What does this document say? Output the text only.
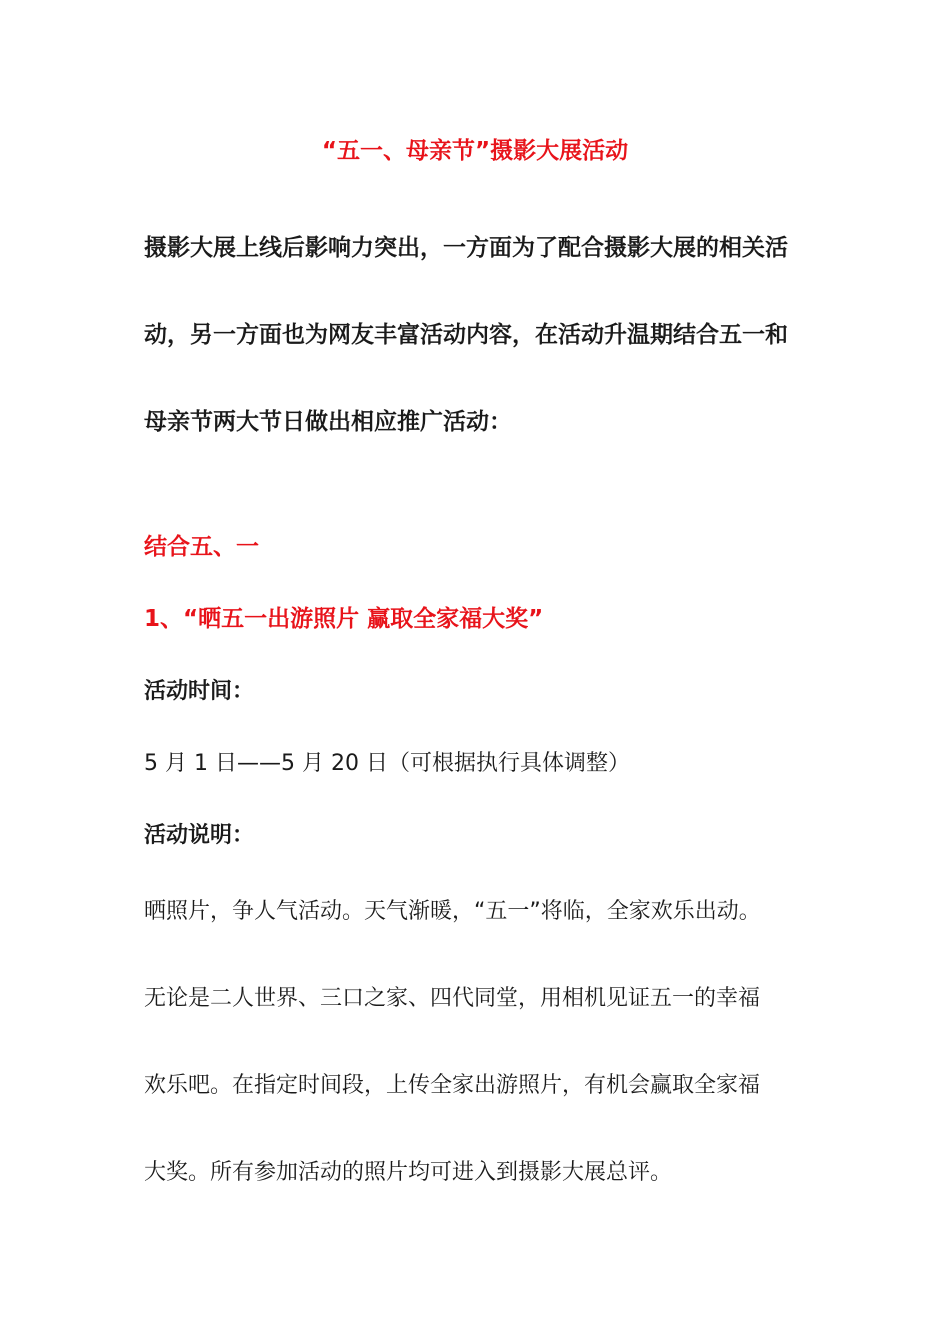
“五一、母亲节”摄影大展活动
摄影大展上线后影响力突出，一方面为了配合摄影大展的相关活
动，另一方面也为网友丰富活动内容，在活动升温期结合五一和
母亲节两大节日做出相应推广活动：
结合五、一
1、“晒五一出游照片 赢取全家福大奖”
活动时间：
5 月 1 日——5 月 20 日（可根据执行具体调整）
活动说明：
晒照片，争人气活动。天气渐暖，“五一”将临，全家欢乐出动。
无论是二人世界、三口之家、四代同堂，用相机见证五一的幸福
欢乐吧。在指定时间段，上传全家出游照片，有机会赢取全家福
大奖。所有参加活动的照片均可进入到摄影大展总评。
